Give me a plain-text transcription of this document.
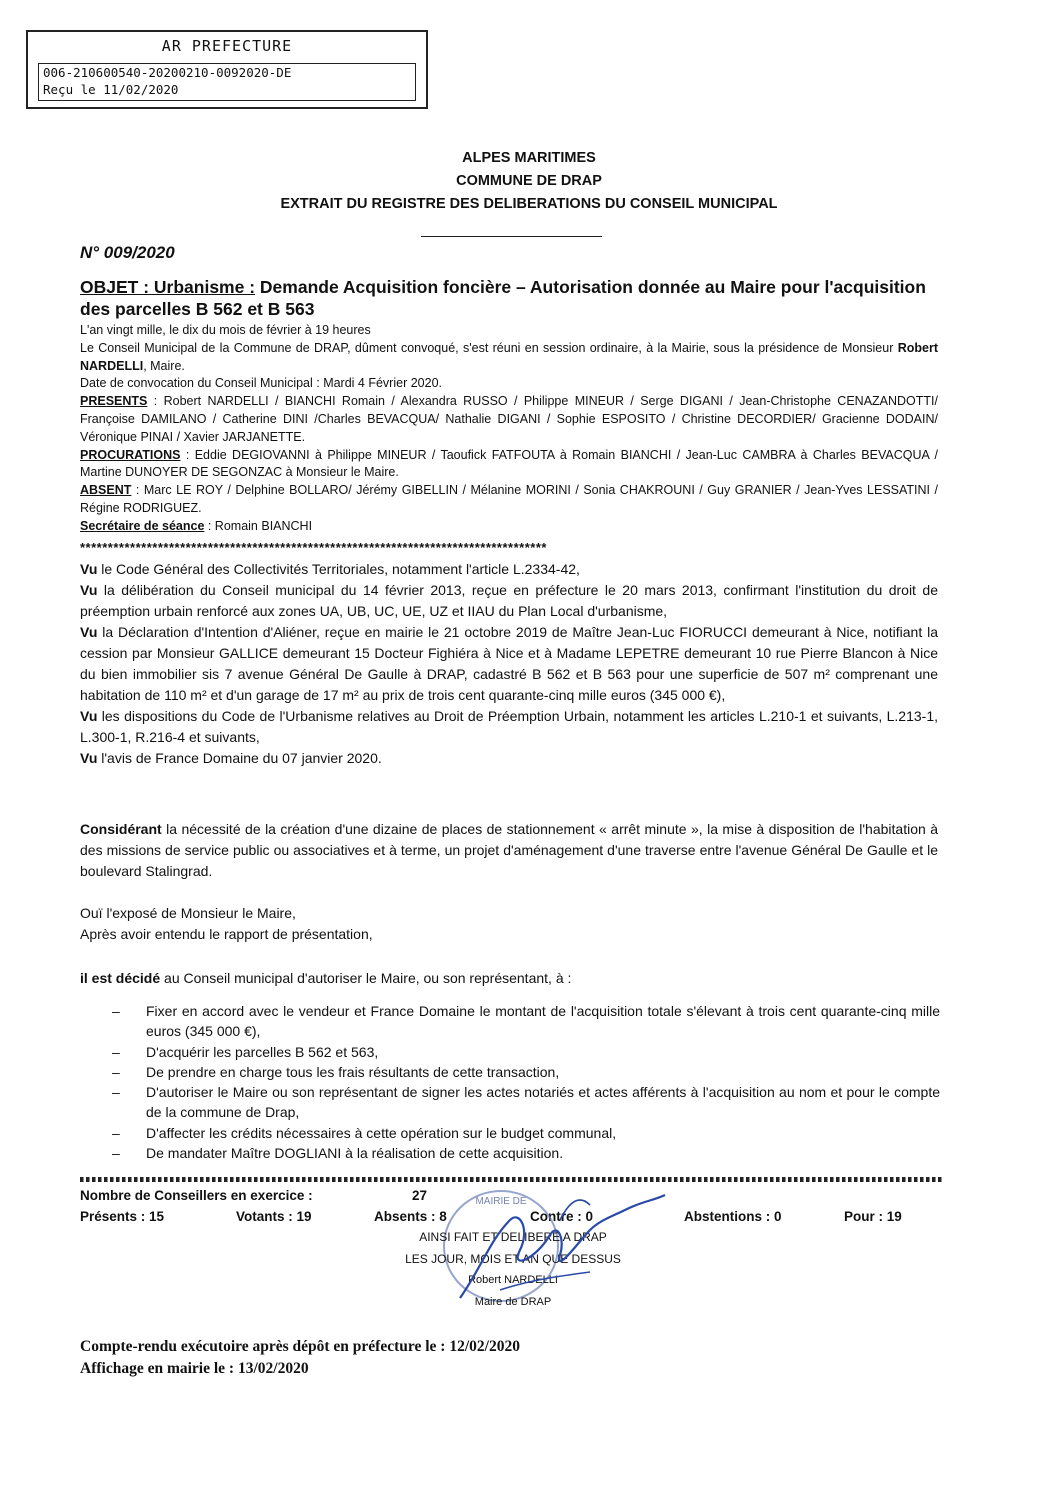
AR PREFECTURE
006-210600540-20200210-0092020-DE
Reçu le 11/02/2020
ALPES MARITIMES
COMMUNE DE DRAP
EXTRAIT DU REGISTRE DES DELIBERATIONS DU CONSEIL MUNICIPAL
N° 009/2020
OBJET : Urbanisme : Demande Acquisition foncière – Autorisation donnée au Maire pour l'acquisition des parcelles B 562 et B 563

L'an vingt mille, le dix du mois de février à 19 heures

Le Conseil Municipal de la Commune de DRAP, dûment convoqué, s'est réuni en session ordinaire, à la Mairie, sous la présidence de Monsieur Robert NARDELLI, Maire.

Date de convocation du Conseil Municipal : Mardi 4 Février 2020.

PRESENTS : Robert NARDELLI / BIANCHI Romain / Alexandra RUSSO / Philippe MINEUR / Serge DIGANI / Jean-Christophe CENAZANDOTTI/ Françoise DAMILANO / Catherine DINI /Charles BEVACQUA/ Nathalie DIGANI / Sophie ESPOSITO / Christine DECORDIER/ Gracienne DODAIN/ Véronique PINAI / Xavier JARJANETTE.

PROCURATIONS : Eddie DEGIOVANNI à Philippe MINEUR / Taoufick FATFOUTA à Romain BIANCHI / Jean-Luc CAMBRA à Charles BEVACQUA / Martine DUNOYER DE SEGONZAC à Monsieur le Maire.

ABSENT : Marc LE ROY / Delphine BOLLARO/ Jérémy GIBELLIN / Mélanine MORINI / Sonia CHAKROUNI / Guy GRANIER / Jean-Yves LESSATINI / Régine RODRIGUEZ.

Secrétaire de séance : Romain BIANCHI

************************************************************************************

Vu le Code Général des Collectivités Territoriales, notamment l'article L.2334-42,

Vu la délibération du Conseil municipal du 14 février 2013, reçue en préfecture le 20 mars 2013, confirmant l'institution du droit de préemption urbain renforcé aux zones UA, UB, UC, UE, UZ et IIAU du Plan Local d'urbanisme,

Vu la Déclaration d'Intention d'Aliéner, reçue en mairie le 21 octobre 2019 de Maître Jean-Luc FIORUCCI demeurant à Nice, notifiant la cession par Monsieur GALLICE demeurant 15 Docteur Fighiéra à Nice et à Madame LEPETRE demeurant 10 rue Pierre Blancon à Nice du bien immobilier sis 7 avenue Général De Gaulle à DRAP, cadastré B 562 et B 563 pour une superficie de 507 m² comprenant une habitation de 110 m² et d'un garage de 17 m² au prix de trois cent quarante-cinq mille euros (345 000 €),

Vu les dispositions du Code de l'Urbanisme relatives au Droit de Préemption Urbain, notamment les articles L.210-1 et suivants, L.213-1, L.300-1, R.216-4 et suivants,

Vu l'avis de France Domaine du 07 janvier 2020.

Considérant la nécessité de la création d'une dizaine de places de stationnement « arrêt minute », la mise à disposition de l'habitation à des missions de service public ou associatives et à terme, un projet d'aménagement d'une traverse entre l'avenue Général De Gaulle et le boulevard Stalingrad.

Ouï l'exposé de Monsieur le Maire,

Après avoir entendu le rapport de présentation,

il est décidé au Conseil municipal d'autoriser le Maire, ou son représentant, à :

– Fixer en accord avec le vendeur et France Domaine le montant de l'acquisition totale s'élevant à trois cent quarante-cinq mille euros (345 000 €),
– D'acquérir les parcelles B 562 et 563,
– De prendre en charge tous les frais résultants de cette transaction,
– D'autoriser le Maire ou son représentant de signer les actes notariés et actes afférents à l'acquisition au nom et pour le compte de la commune de Drap,
– D'affecter les crédits nécessaires à cette opération sur le budget communal,
– De mandater Maître DOGLIANI à la réalisation de cette acquisition.
Nombre de Conseillers en exercice :	27
Présents : 15	Votants : 19	Absents : 8	Contre : 0	Abstentions : 0	Pour : 19
MAIRIE DE
AINSI FAIT ET DELIBERE A DRAP
LES JOUR, MOIS ET AN QUE DESSUS
Robert NARDELLI
Maire de DRAP
Compte-rendu exécutoire après dépôt en préfecture le : 12/02/2020
Affichage en mairie le : 13/02/2020
